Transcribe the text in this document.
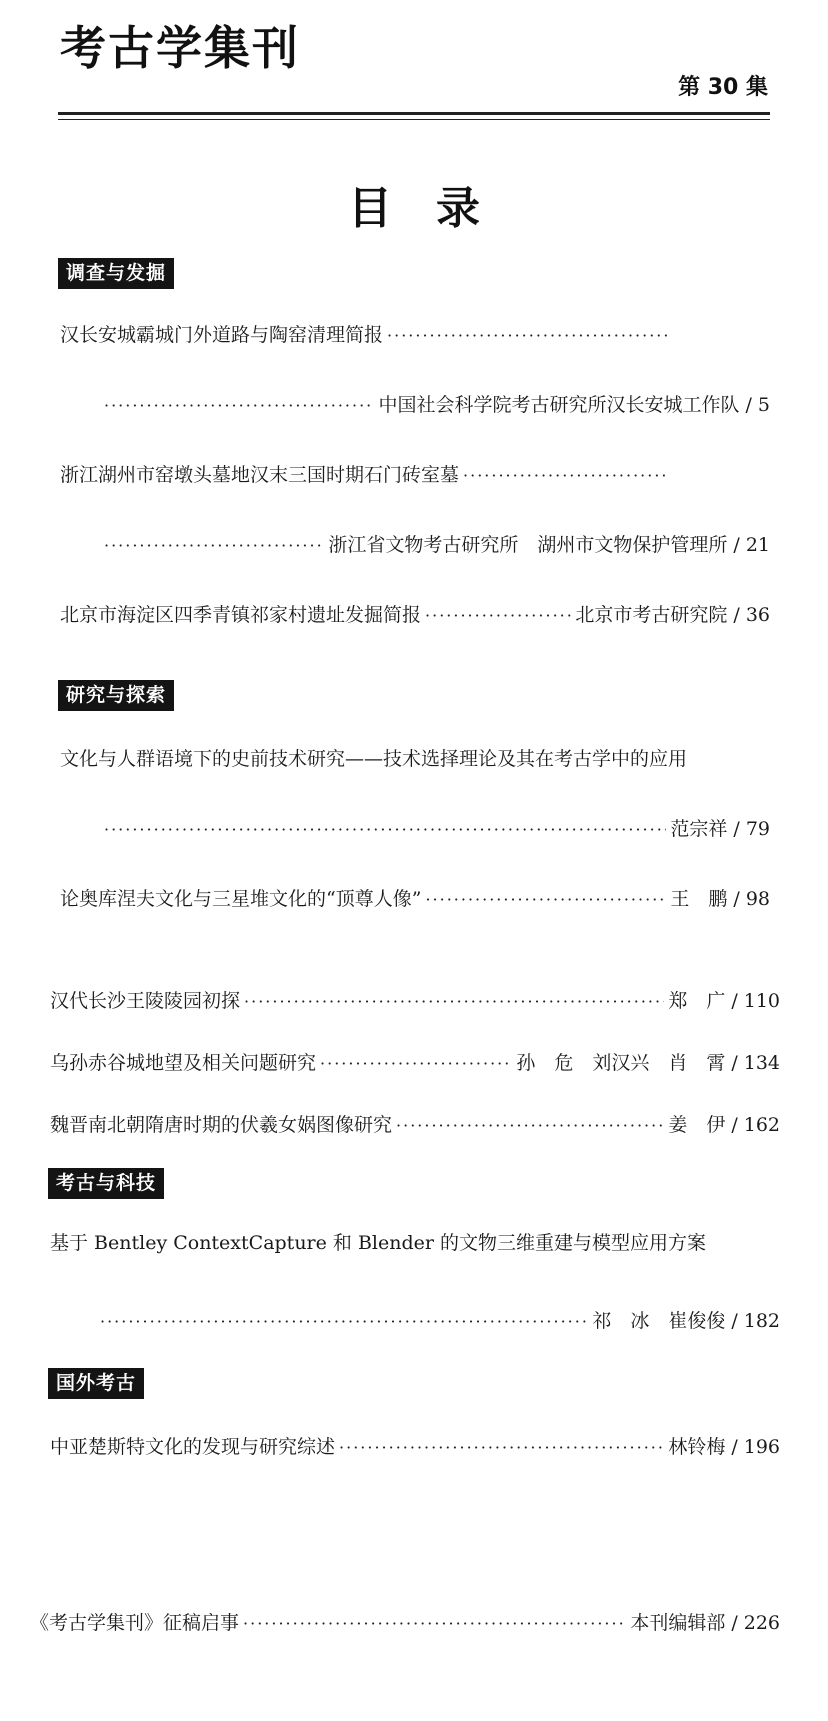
考古学集刊
第 30 集
目录
调查与发掘
汉长安城霸城门外道路与陶窑清理简报
·····
·····
中国社会科学院考古研究所汉长安城工作队 / 5
浙江湖州市窑墩头墓地汉末三国时期石门砖室墓
·····
·····
浙江省文物考古研究所　湖州市文物保护管理所 / 21
北京市海淀区四季青镇祁家村遗址发掘简报 ·····	北京市考古研究院 / 36
研究与探索
文化与人群语境下的史前技术研究——技术选择理论及其在考古学中的应用
·····
范宗祥 / 79
论奥库涅夫文化与三星堆文化的“顶尊人像” ·····	王　鹏 / 98
汉代长沙王陵陵园初探 ·····	郑　广 / 110
乌孙赤谷城地望及相关问题研究 ·····	孙　危　刘汉兴　肖　霄 / 134
魏晋南北朝隋唐时期的伏羲女娲图像研究 ·····	姜　伊 / 162
考古与科技
基于 Bentley ContextCapture 和 Blender 的文物三维重建与模型应用方案
·····
祁　冰　崔俊俊 / 182
国外考古
中亚楚斯特文化的发现与研究综述 ·····	林铃梅 / 196
《考古学集刊》征稿启事 ·····	本刊编辑部 / 226
